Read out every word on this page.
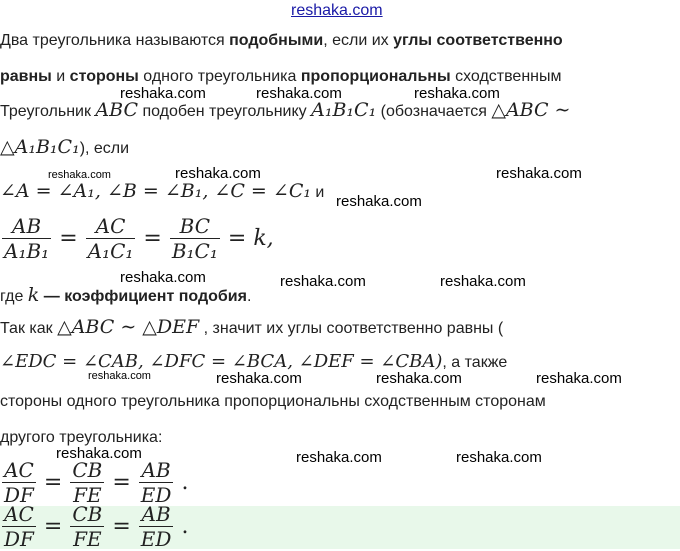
reshaka.com
Два треугольника называются подобными, если их углы соответственно
равны и стороны одного треугольника пропорциональны сходственным
Треугольник ABC подобен треугольнику A₁B₁C₁ (обозначается △ABC ∼
△A₁B₁C₁), если
∠A = ∠A₁, ∠B = ∠B₁, ∠C = ∠C₁ и
$\frac{AB}{\text{A₁B₁}} = \frac{AC}{\text{A₁C₁}} = \frac{BC}{\text{B₁C₁}} = k$,
где k — коэффициент подобия.
Так как △ABC ∼ △DEF , значит их углы соответственно равны (
∠EDC = ∠CAB, ∠DFC = ∠BCA, ∠DEF = ∠CBA), а также
стороны одного треугольника пропорциональны сходственным сторонам
другого треугольника:
$\frac{AC}{DF} = \frac{CB}{FE} = \frac{AB}{ED}$ .
$\frac{AC}{DF} = \frac{CB}{FE} = \frac{AB}{ED}$ .
reshaka.com	reshaka.com	reshaka.com
reshaka.com	reshaka.com	reshaka.com
reshaka.com
reshaka.com	reshaka.com	reshaka.com
reshaka.com	reshaka.com	reshaka.com	reshaka.com
reshaka.com	reshaka.com	reshaka.com
